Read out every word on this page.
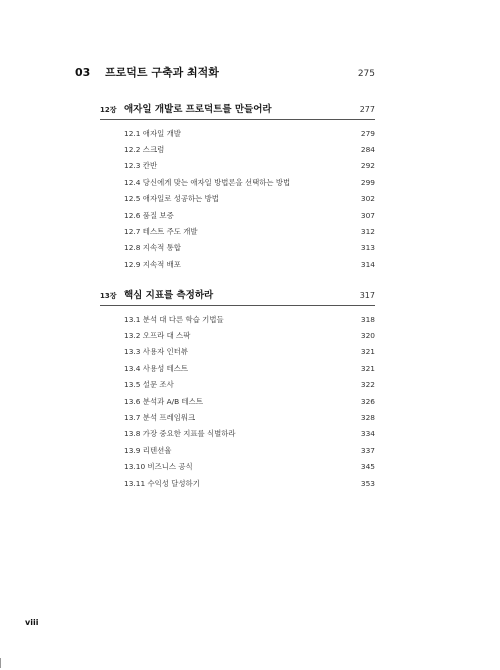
03	프로덕트 구축과 최적화	275
12장 애자일 개발로 프로덕트를 만들어라	277
12.1 애자일 개발	279
12.2 스크럼	284
12.3 칸반	292
12.4 당신에게 맞는 애자일 방법론을 선택하는 방법	299
12.5 애자일로 성공하는 방법	302
12.6 품질 보증	307
12.7 테스트 주도 개발	312
12.8 지속적 통합	313
12.9 지속적 배포	314
13장 핵심 지표를 측정하라	317
13.1 분석 대 다른 학습 기법들	318
13.2 오프라 대 스팍	320
13.3 사용자 인터뷰	321
13.4 사용성 테스트	321
13.5 설문 조사	322
13.6 분석과 A/B 테스트	326
13.7 분석 프레임워크	328
13.8 가장 중요한 지표를 식별하라	334
13.9 리텐션율	337
13.10 비즈니스 공식	345
13.11 수익성 달성하기	353
viii
